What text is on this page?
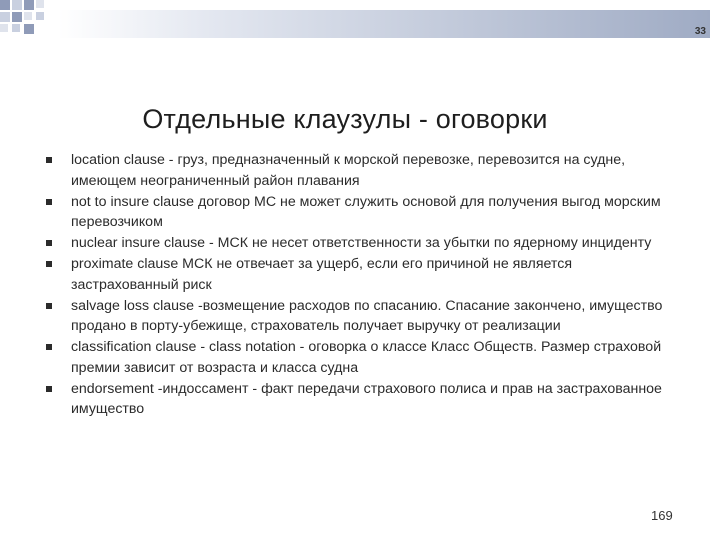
33
Отдельные клаузулы - оговорки
location clause - груз, предназначенный к морской перевозке, перевозится на судне, имеющем неограниченный район плавания
not to insure clause договор МС не может служить основой для получения выгод морским перевозчиком
nuclear insure clause - МСК не несет ответственности за убытки по ядерному инциденту
proximate clause МСК не отвечает за ущерб, если его причиной не является застрахованный риск
salvage loss clause -возмещение расходов по спасанию. Спасание закончено, имущество продано в порту-убежище, страхователь получает выручку от реализации
classification clause - class notation - оговорка о классе Класс Обществ. Размер страховой премии зависит от возраста и класса судна
endorsement -индоссамент - факт передачи страхового полиса и прав на застрахованное имущество
169
